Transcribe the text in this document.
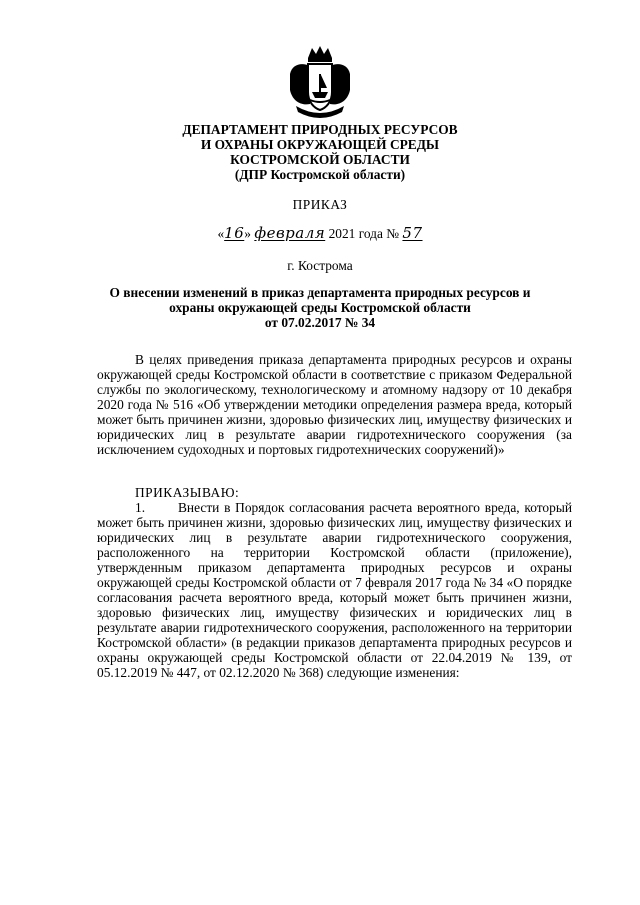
ДЕПАРТАМЕНТ ПРИРОДНЫХ РЕСУРСОВ
И ОХРАНЫ ОКРУЖАЮЩЕЙ СРЕДЫ
КОСТРОМСКОЙ ОБЛАСТИ
(ДПР Костромской области)
ПРИКАЗ
«16» февраля 2021 года № 57
г. Кострома
О внесении изменений в приказ департамента природных ресурсов и
охраны окружающей среды Костромской области
от 07.02.2017 № 34
В целях приведения приказа департамента природных ресурсов и охраны окружающей среды Костромской области в соответствие с приказом Федеральной службы по экологическому, технологическому и атомному надзору от 10 декабря 2020 года № 516 «Об утверждении методики определения размера вреда, который может быть причинен жизни, здоровью физических лиц, имуществу физических и юридических лиц в результате аварии гидротехнического сооружения (за исключением судоходных и портовых гидротехнических сооружений)»
ПРИКАЗЫВАЮ:
1. Внести в Порядок согласования расчета вероятного вреда, который может быть причинен жизни, здоровью физических лиц, имуществу физических и юридических лиц в результате аварии гидротехнического сооружения, расположенного на территории Костромской области (приложение), утвержденным приказом департамента природных ресурсов и охраны окружающей среды Костромской области от 7 февраля 2017 года № 34 «О порядке согласования расчета вероятного вреда, который может быть причинен жизни, здоровью физических лиц, имуществу физических и юридических лиц в результате аварии гидротехнического сооружения, расположенного на территории Костромской области» (в редакции приказов департамента природных ресурсов и охраны окружающей среды Костромской области от 22.04.2019 № 139, от 05.12.2019 № 447, от 02.12.2020 № 368) следующие изменения:
